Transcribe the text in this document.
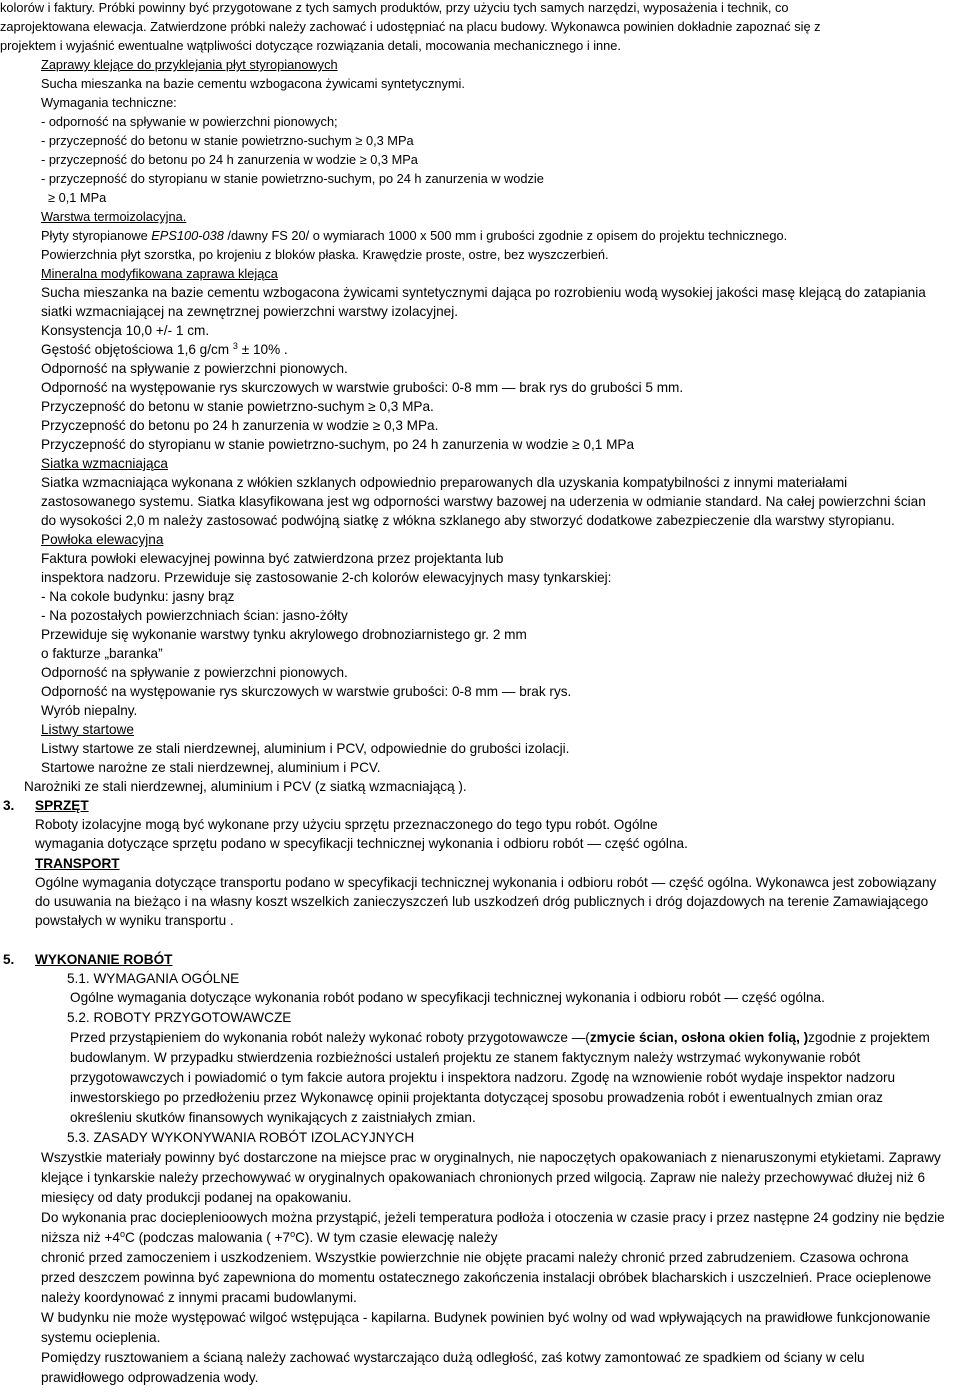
kolorów i faktury. Próbki powinny być przygotowane z tych samych produktów, przy użyciu tych samych narzędzi, wyposażenia i technik, co
zaprojektowana elewacja. Zatwierdzone próbki należy zachować i udostępniać na placu budowy. Wykonawca powinien dokładnie zapoznać się z
projektem i wyjaśnić ewentualne wątpliwości dotyczące rozwiązania detali, mocowania mechanicznego i inne.
Zaprawy klejące do przyklejania płyt styropianowych
Sucha mieszanka na bazie cementu wzbogacona żywicami syntetycznymi.
Wymagania techniczne:
- odporność na spływanie w powierzchni pionowych;
- przyczepność do betonu w stanie powietrzno-suchym ≥ 0,3 MPa
- przyczepność do betonu po 24 h zanurzenia w wodzie ≥ 0,3 MPa
- przyczepność do styropianu w stanie powietrzno-suchym, po 24 h zanurzenia w wodzie
≥ 0,1 MPa
Warstwa termoizolacyjna.
Płyty styropianowe EPS100-038 /dawny FS 20/ o wymiarach 1000 x 500 mm i grubości zgodnie z opisem do projektu technicznego.
Powierzchnia płyt szorstka, po krojeniu z bloków płaska. Krawędzie proste, ostre, bez wyszczerbień.
Mineralna modyfikowana zaprawa klejąca
Sucha mieszanka na bazie cementu wzbogacona żywicami syntetycznymi dająca po rozrobieniu wodą wysokiej jakości masę klejącą do zatapiania
siatki wzmacniającej na zewnętrznej powierzchni warstwy izolacyjnej.
Konsystencja 10,0 +/- 1 cm.
Gęstość objętościowa 1,6 g/cm $^3$ ± 10% .
Odporność na spływanie z powierzchni pionowych.
Odporność na występowanie rys skurczowych w warstwie grubości: 0-8 mm — brak rys do grubości 5 mm.
Przyczepność do betonu w stanie powietrzno-suchym ≥ 0,3 MPa.
Przyczepność do betonu po 24 h zanurzenia w wodzie ≥ 0,3 MPa.
Przyczepność do styropianu w stanie powietrzno-suchym, po 24 h zanurzenia w wodzie ≥ 0,1 MPa
Siatka wzmacniająca
Siatka wzmacniająca wykonana z włókien szklanych odpowiednio preparowanych dla uzyskania kompatybilności z innymi materiałami
zastosowanego systemu. Siatka klasyfikowana jest wg odporności warstwy bazowej na uderzenia w odmianie standard. Na całej powierzchni ścian
do wysokości 2,0 m należy zastosować podwójną siatkę z włókna szklanego aby stworzyć dodatkowe zabezpieczenie dla warstwy styropianu.
Powłoka elewacyjna
Faktura powłoki elewacyjnej powinna być zatwierdzona przez projektanta lub
inspektora nadzoru. Przewiduje się zastosowanie 2-ch kolorów elewacyjnych masy tynkarskiej:
- Na cokole budynku: jasny brąz
- Na pozostałych powierzchniach ścian: jasno-żółty
Przewiduje się wykonanie warstwy tynku akrylowego drobnoziarnistego gr. 2 mm
o fakturze „baranka”
Odporność na spływanie z powierzchni pionowych.
Odporność na występowanie rys skurczowych w warstwie grubości: 0-8 mm — brak rys.
Wyrób niepalny.
Listwy startowe
Listwy startowe ze stali nierdzewnej, aluminium i PCV, odpowiednie do grubości izolacji.
Startowe narożne ze stali nierdzewnej, aluminium i PCV.
Narożniki ze stali nierdzewnej, aluminium i PCV (z siatką wzmacniającą ).
3. SPRZĘT
Roboty izolacyjne mogą być wykonane przy użyciu sprzętu przeznaczonego do tego typu robót. Ogólne
wymagania dotyczące sprzętu podano w specyfikacji technicznej wykonania i odbioru robót — część ogólna.
TRANSPORT
Ogólne wymagania dotyczące transportu podano w specyfikacji technicznej wykonania i odbioru robót — część ogólna. Wykonawca jest zobowiązany
do usuwania na bieżąco i na własny koszt wszelkich zanieczyszczeń lub uszkodzeń dróg publicznych i dróg dojazdowych na terenie Zamawiającego
powstałych w wyniku transportu .
5. WYKONANIE ROBÓT
5.1. WYMAGANIA OGÓLNE
Ogólne wymagania dotyczące wykonania robót podano w specyfikacji technicznej wykonania i odbioru robót — część ogólna.
5.2. ROBOTY PRZYGOTOWAWCZE
Przed przystąpieniem do wykonania robót należy wykonać roboty przygotowawcze —(zmycie ścian, osłona okien folią, )zgodnie z projektem
budowlanym. W przypadku stwierdzenia rozbieżności ustaleń projektu ze stanem faktycznym należy wstrzymać wykonywanie robót
przygotowawczych i powiadomić o tym fakcie autora projektu i inspektora nadzoru. Zgodę na wznowienie robót wydaje inspektor nadzoru
inwestorskiego po przedłożeniu przez Wykonawcę opinii projektanta dotyczącej sposobu prowadzenia robót i ewentualnych zmian oraz
określeniu skutków finansowych wynikających z zaistniałych zmian.
5.3. ZASADY WYKONYWANIA ROBÓT IZOLACYJNYCH
Wszystkie materiały powinny być dostarczone na miejsce prac w oryginalnych, nie napoczętych opakowaniach z nienaruszonymi etykietami. Zaprawy
klejące i tynkarskie należy przechowywać w oryginalnych opakowaniach chronionych przed wilgocią. Zapraw nie należy przechowywać dłużej niż 6
miesięcy od daty produkcji podanej na opakowaniu.
Do wykonania prac docieplenioowych można przystąpić, jeżeli temperatura podłoża i otoczenia w czasie pracy i przez następne 24 godziny nie będzie
niższa niż $+4^oC$ (podczas malowania ( $+7^oC$). W tym czasie elewację należy
chronić przed zamoczeniem i uszkodzeniem. Wszystkie powierzchnie nie objęte pracami należy chronić przed zabrudzeniem. Czasowa ochrona
przed deszczem powinna być zapewniona do momentu ostatecznego zakończenia instalacji obróbek blacharskich i uszczelnień. Prace ocieplenowe
należy koordynować z innymi pracami budowlanymi.
W budynku nie może występować wilgoć wstępująca - kapilarna. Budynek powinien być wolny od wad wpływających na prawidłowe funkcjonowanie
systemu ocieplenia.
Pomiędzy rusztowaniem a ścianą należy zachować wystarczająco dużą odległość, zaś kotwy zamontować ze spadkiem od ściany w celu
prawidłowego odprowadzenia wody.
